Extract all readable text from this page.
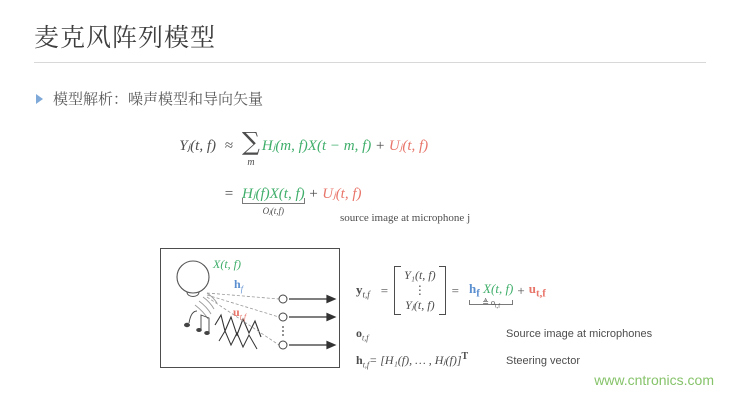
麦克风阵列模型
模型解析：噪声模型和导向矢量
Yⱼ(t, f) ≈ ∑
m
Hⱼ(m, f)X(t − m, f) + Uⱼ(t, f)
= Hⱼ(f)X(t, f)
Oⱼ(t,f)
+ Uⱼ(t, f)
source image at microphone j
X(t, f)
$h_f$
$u_{t,f}$
$y_{t,f}$ =
Y₁(t, f)
⋮
Yⱼ(t, f)
= $h_f$ X(t, f)
≜ $o_{t,f}$
+ $u_{t,f}$
$o_{t,f}$	Source image at microphones
$h_{t,f}= [H_1(f)$, … , Hⱼ(f)]$^T$	Steering vector
www.cntronics.com
